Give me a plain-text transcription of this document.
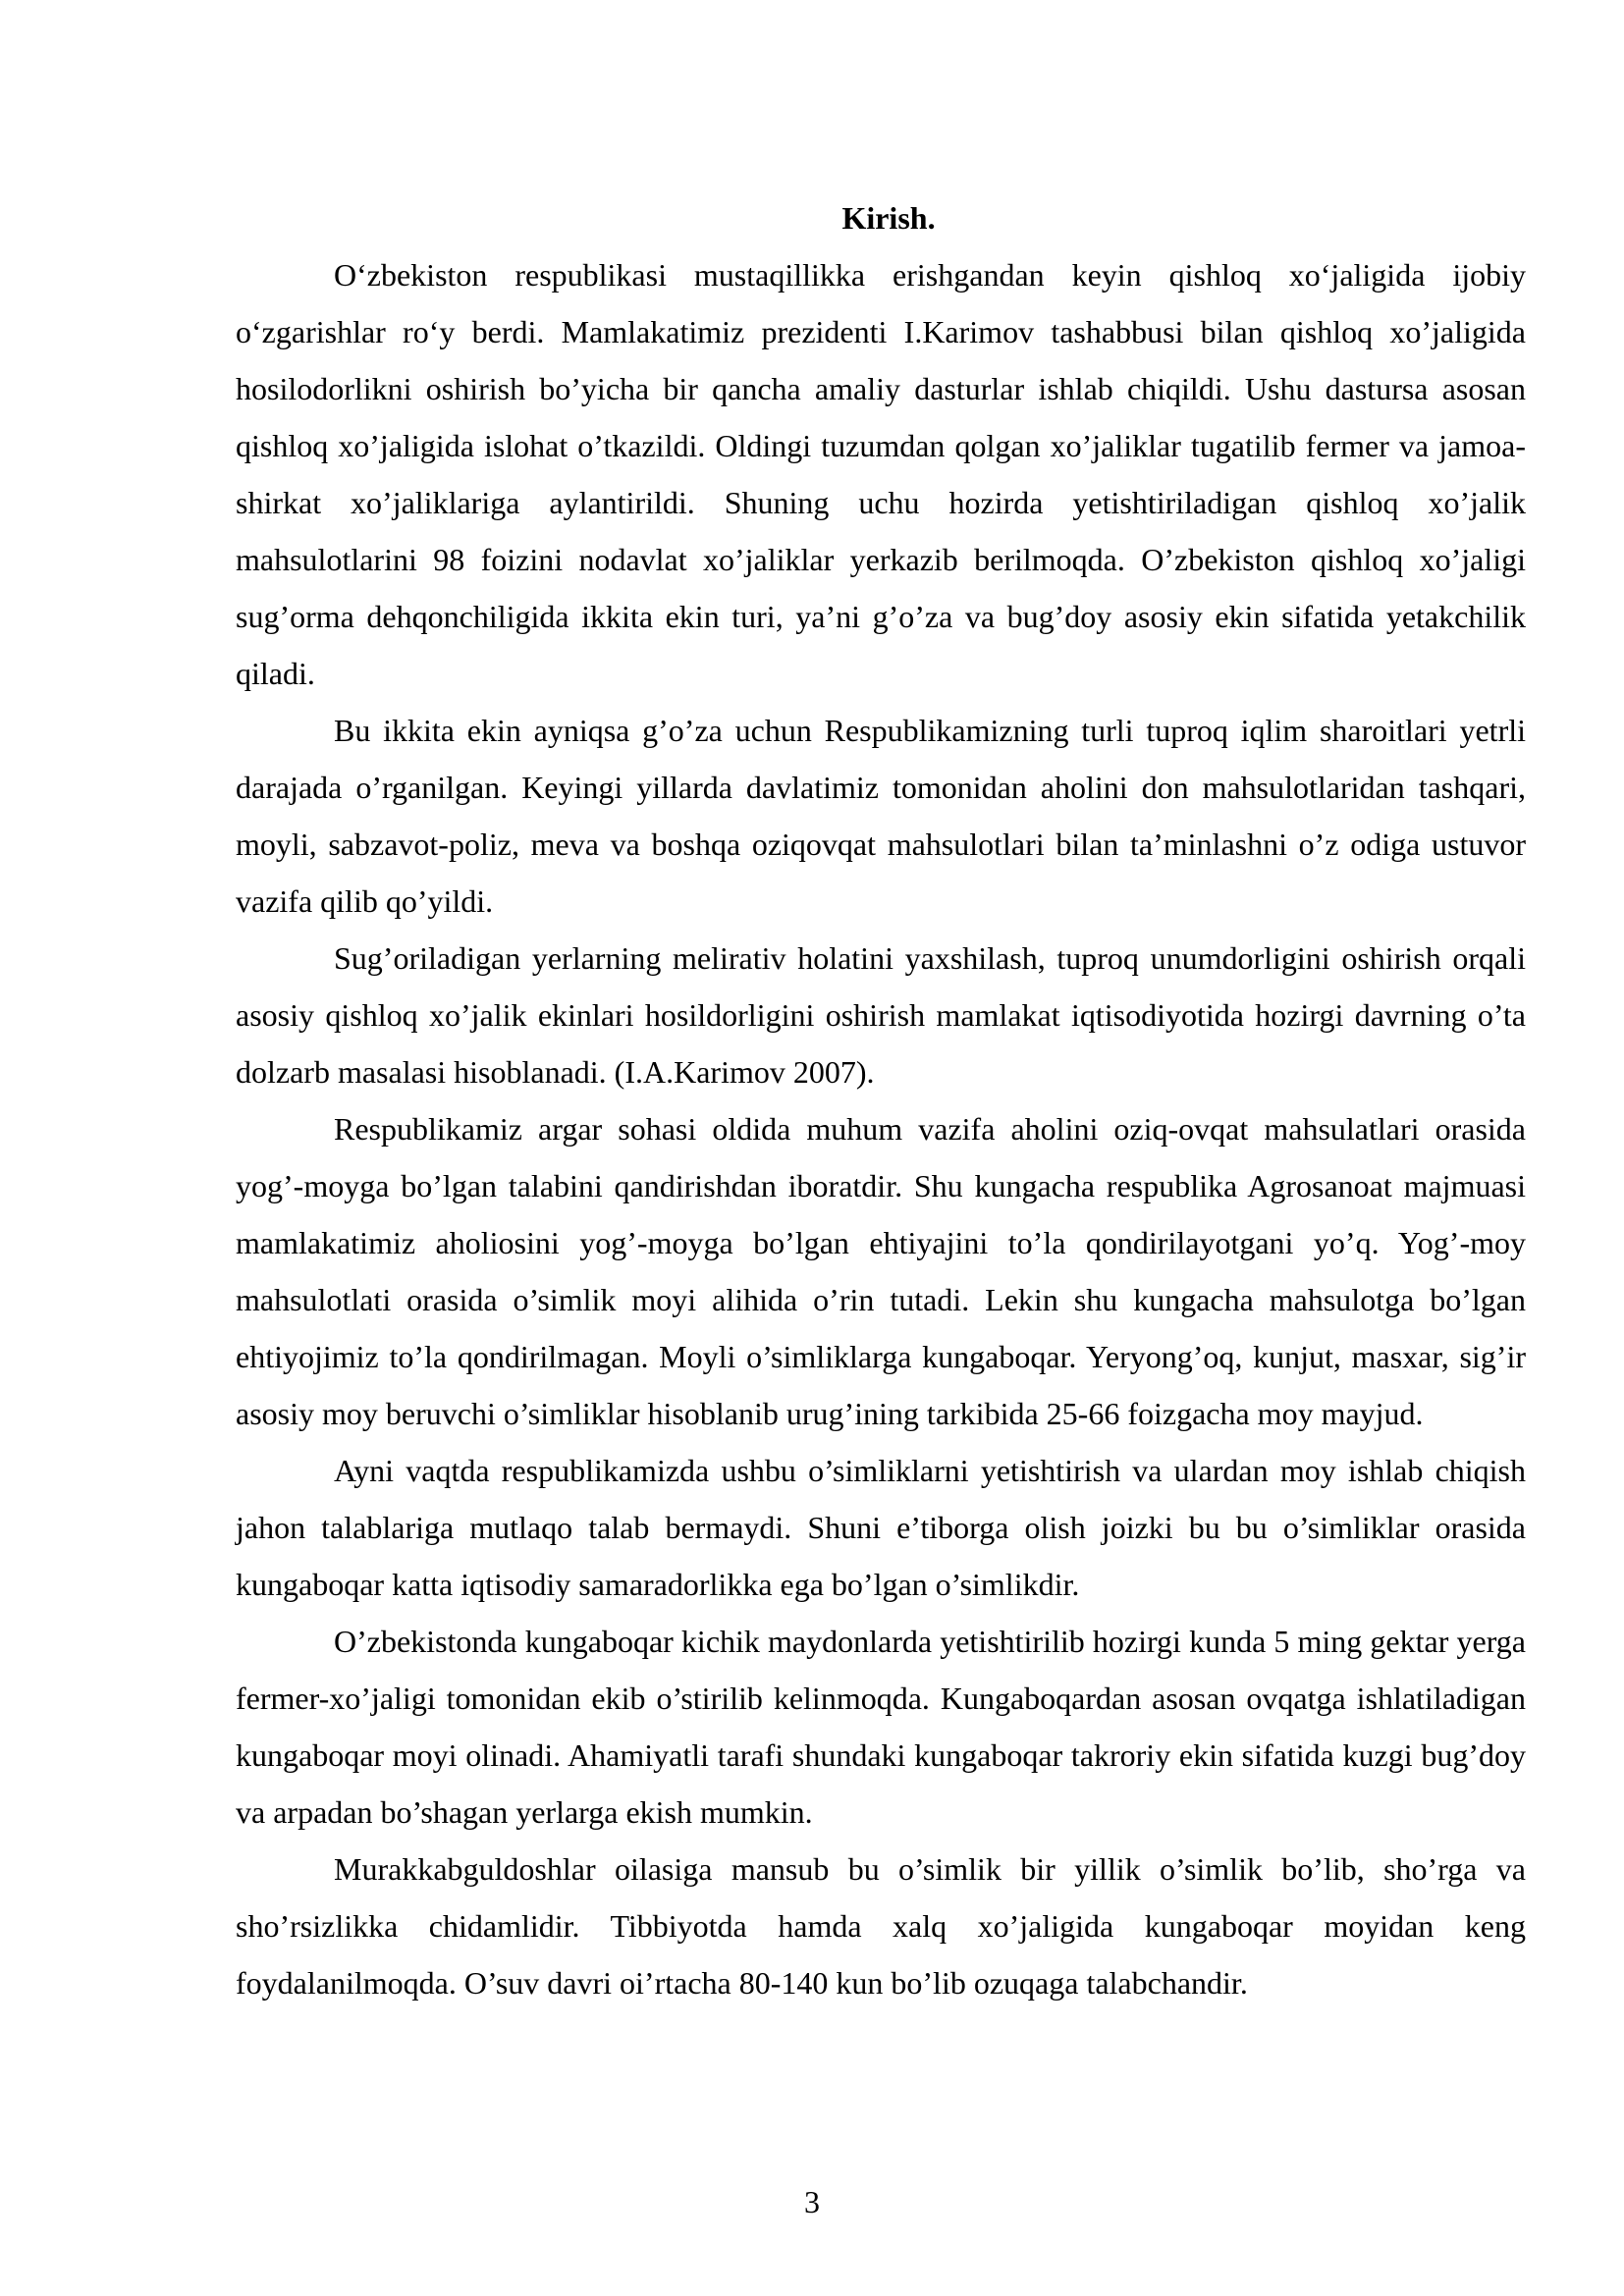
Kirish.

O‘zbekiston respublikasi mustaqillikka erishgandan keyin qishloq xo‘jaligida ijobiy o‘zgarishlar ro‘y berdi. Mamlakatimiz prezidenti I.Karimov tashabbusi bilan qishloq xo’jaligida hosilodorlikni oshirish bo’yicha bir qancha amaliy dasturlar ishlab chiqildi. Ushu dastursa asosan qishloq xo’jaligida islohat o’tkazildi. Oldingi tuzumdan qolgan xo’jaliklar tugatilib fermer va jamoa-shirkat xo’jaliklariga aylantirildi. Shuning uchu hozirda yetishtiriladigan qishloq xo’jalik mahsulotlarini 98 foizini nodavlat xo’jaliklar yerkazib berilmoqda. O’zbekiston qishloq xo’jaligi sug’orma dehqonchiligida ikkita ekin turi, ya’ni g’o’za va bug’doy asosiy ekin sifatida yetakchilik qiladi.

Bu ikkita ekin ayniqsa g’o’za uchun Respublikamizning turli tuproq iqlim sharoitlari yetrli darajada o’rganilgan. Keyingi yillarda davlatimiz tomonidan aholini don mahsulotlaridan tashqari, moyli, sabzavot-poliz, meva va boshqa oziqovqat mahsulotlari bilan ta’minlashni o’z odiga ustuvor vazifa qilib qo’yildi.

Sug’oriladigan yerlarning melirativ holatini yaxshilash, tuproq unumdorligini oshirish orqali asosiy qishloq xo’jalik ekinlari hosildorligini oshirish mamlakat iqtisodiyotida hozirgi davrning o’ta dolzarb masalasi hisoblanadi. (I.A.Karimov 2007).

Respublikamiz argar sohasi oldida muhum vazifa aholini oziq-ovqat mahsulatlari orasida yog’-moyga bo’lgan talabini qandirishdan iboratdir. Shu kungacha respublika Agrosanoat majmuasi mamlakatimiz aholiosini yog’-moyga bo’lgan ehtiyajini to’la qondirilayotgani yo’q. Yog’-moy mahsulotlati orasida o’simlik moyi alihida o’rin tutadi. Lekin shu kungacha mahsulotga bo’lgan ehtiyojimiz to’la qondirilmagan. Moyli o’simliklarga kungaboqar. Yeryong’oq, kunjut, masxar, sig’ir asosiy moy beruvchi o’simliklar hisoblanib urug’ining tarkibida 25-66 foizgacha moy mayjud.

Ayni vaqtda respublikamizda ushbu o’simliklarni yetishtirish va ulardan moy ishlab chiqish jahon talablariga mutlaqo talab bermaydi. Shuni e’tiborga olish joizki bu bu o’simliklar orasida kungaboqar katta iqtisodiy samaradorlikka ega bo’lgan o’simlikdir.

O’zbekistonda kungaboqar kichik maydonlarda yetishtirilib hozirgi kunda 5 ming gektar yerga fermer-xo’jaligi tomonidan ekib o’stirilib kelinmoqda. Kungaboqardan asosan ovqatga ishlatiladigan kungaboqar moyi olinadi. Ahamiyatli tarafi shundaki kungaboqar takroriy ekin sifatida kuzgi bug’doy va arpadan bo’shagan yerlarga ekish mumkin.

Murakkabguldoshlar oilasiga mansub bu o’simlik bir yillik o’simlik bo’lib, sho’rga va sho’rsizlikka chidamlidir. Tibbiyotda hamda xalq xo’jaligida kungaboqar moyidan keng foydalanilmoqda. O’suv davri oi’rtacha 80-140 kun bo’lib ozuqaga talabchandir.

3
